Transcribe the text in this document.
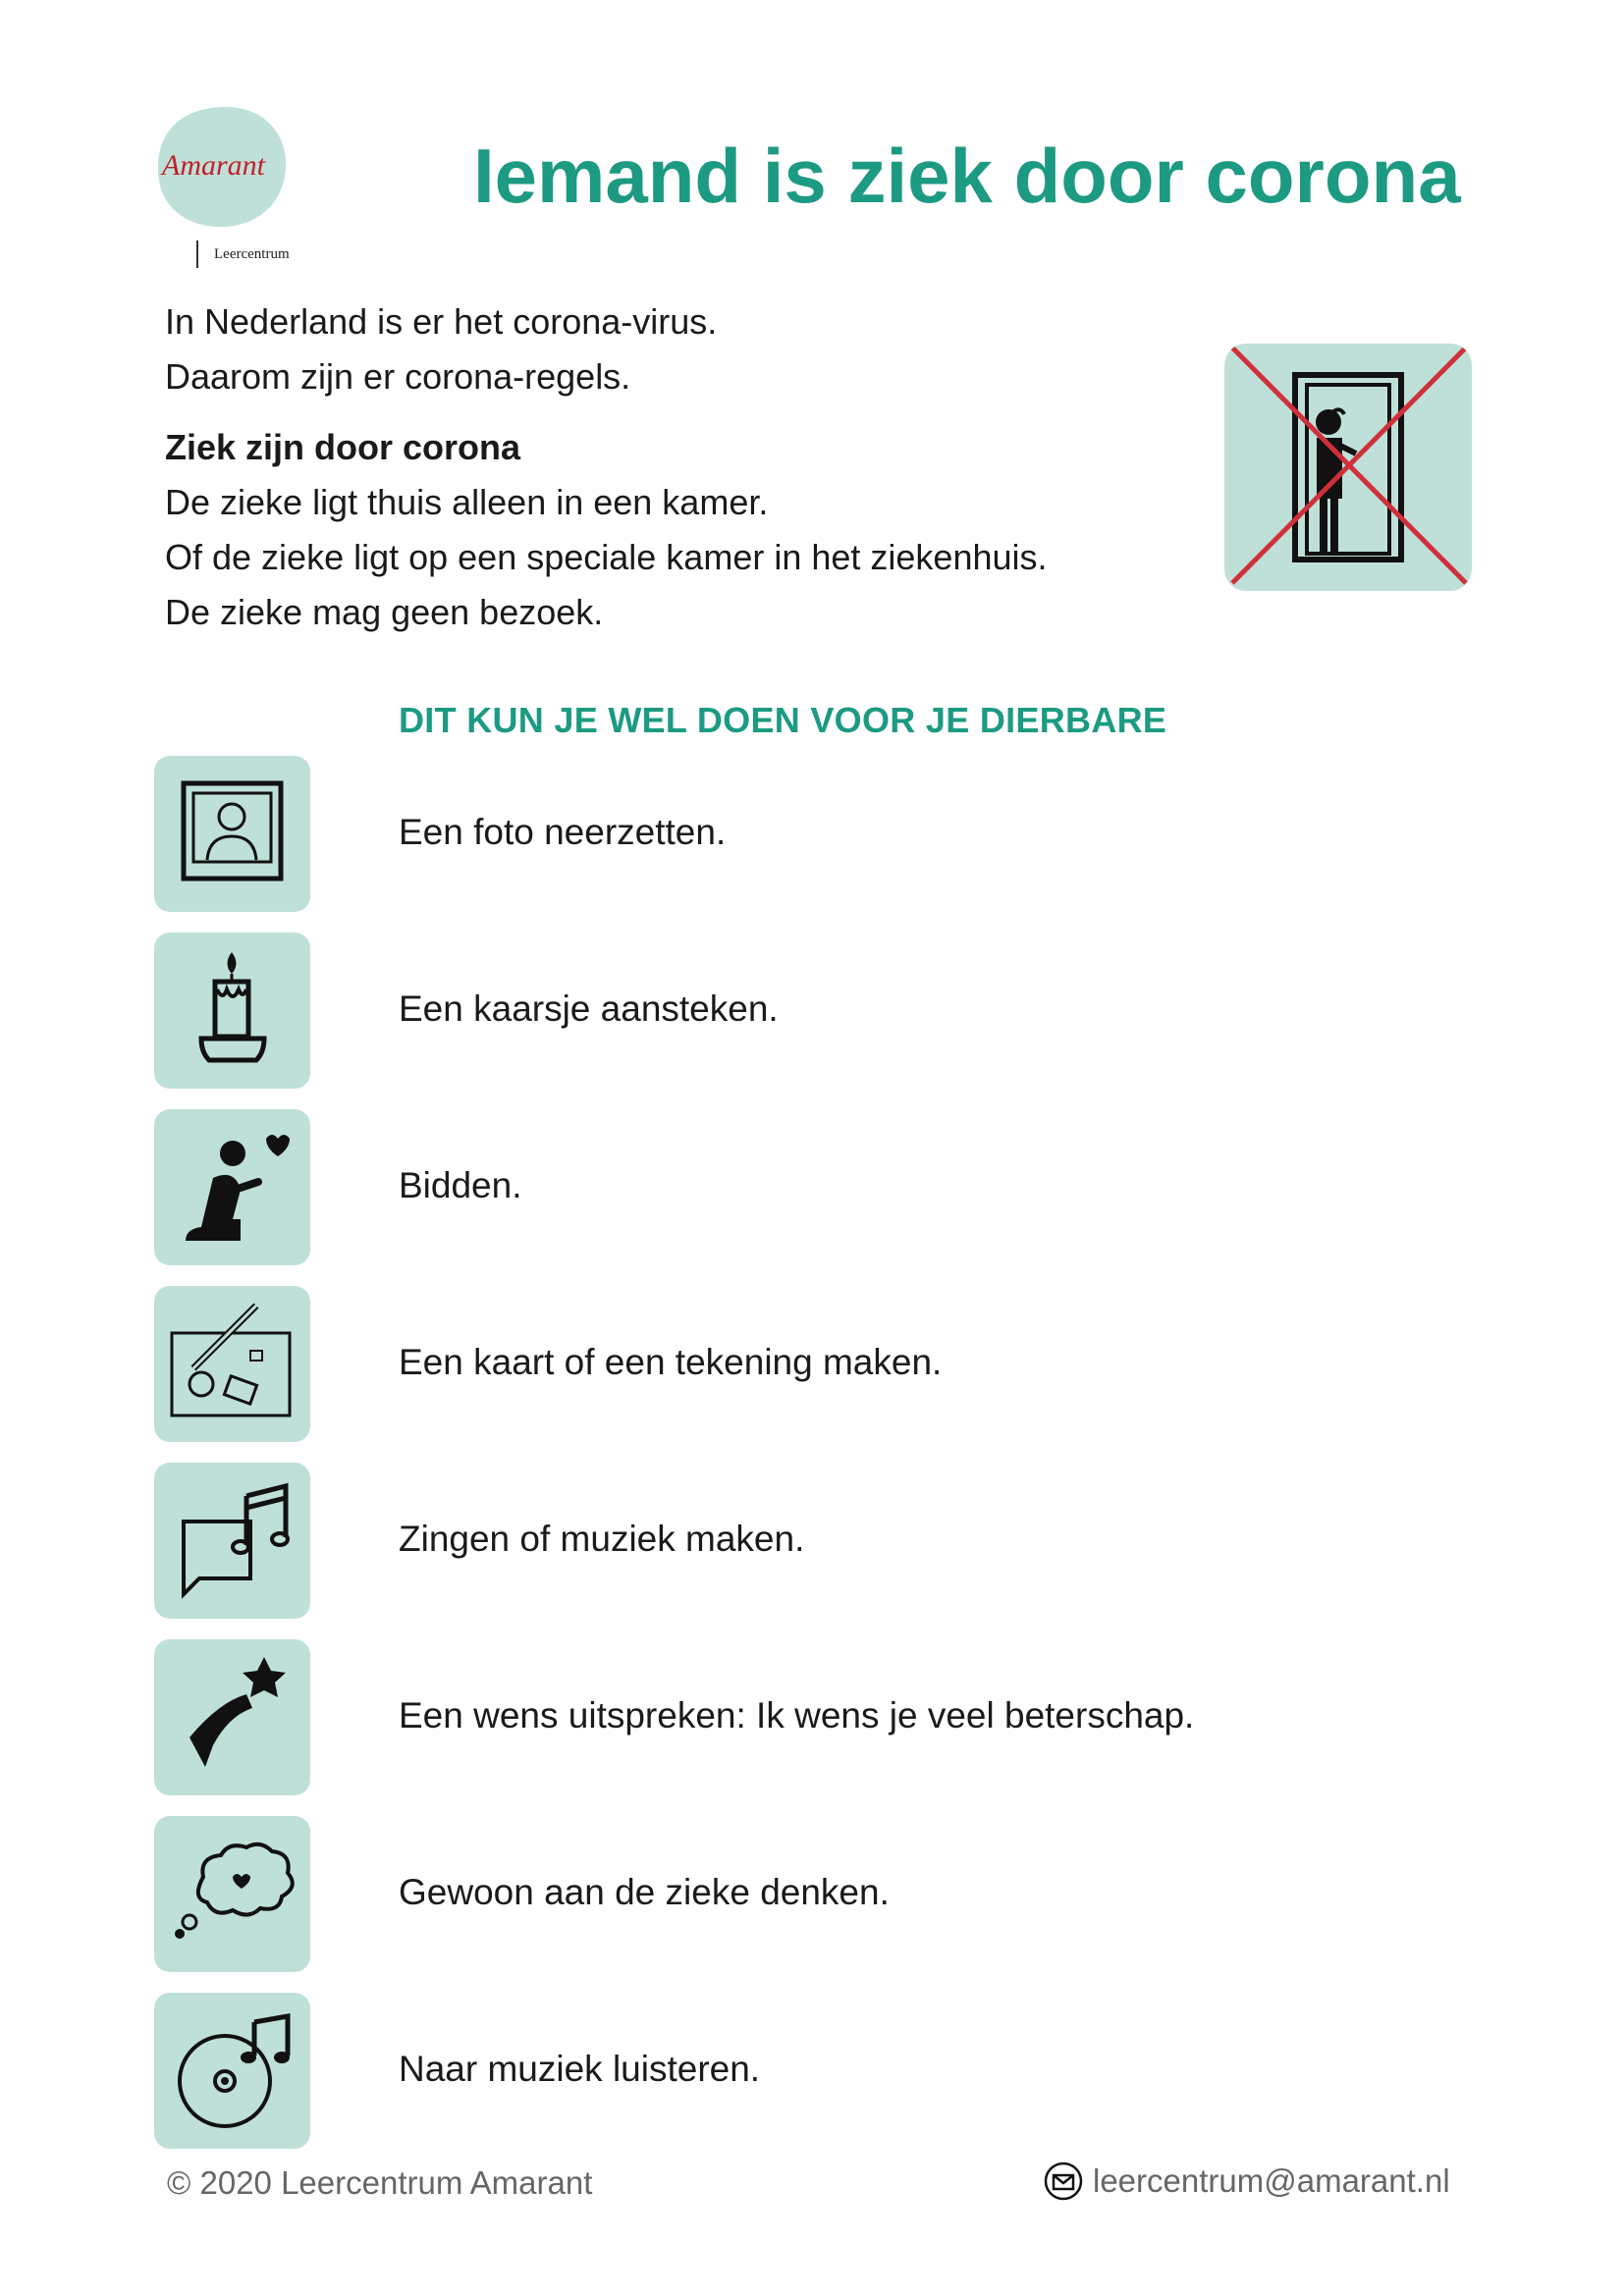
Amarant
Leercentrum
Iemand is ziek door corona

In Nederland is er het corona-virus.

Daarom zijn er corona-regels.

Ziek zijn door corona

De zieke ligt thuis alleen in een kamer.

Of de zieke ligt op een speciale kamer in het ziekenhuis.

De zieke mag geen bezoek.

DIT KUN JE WEL DOEN VOOR JE DIERBARE
Een foto neerzetten.
Een kaarsje aansteken.
Bidden.
Een kaart of een tekening maken.
Zingen of muziek maken.
Een wens uitspreken: Ik wens je veel beterschap.
Gewoon aan de zieke denken.
Naar muziek luisteren.
© 2020 Leercentrum Amarant	leercentrum@amarant.nl
